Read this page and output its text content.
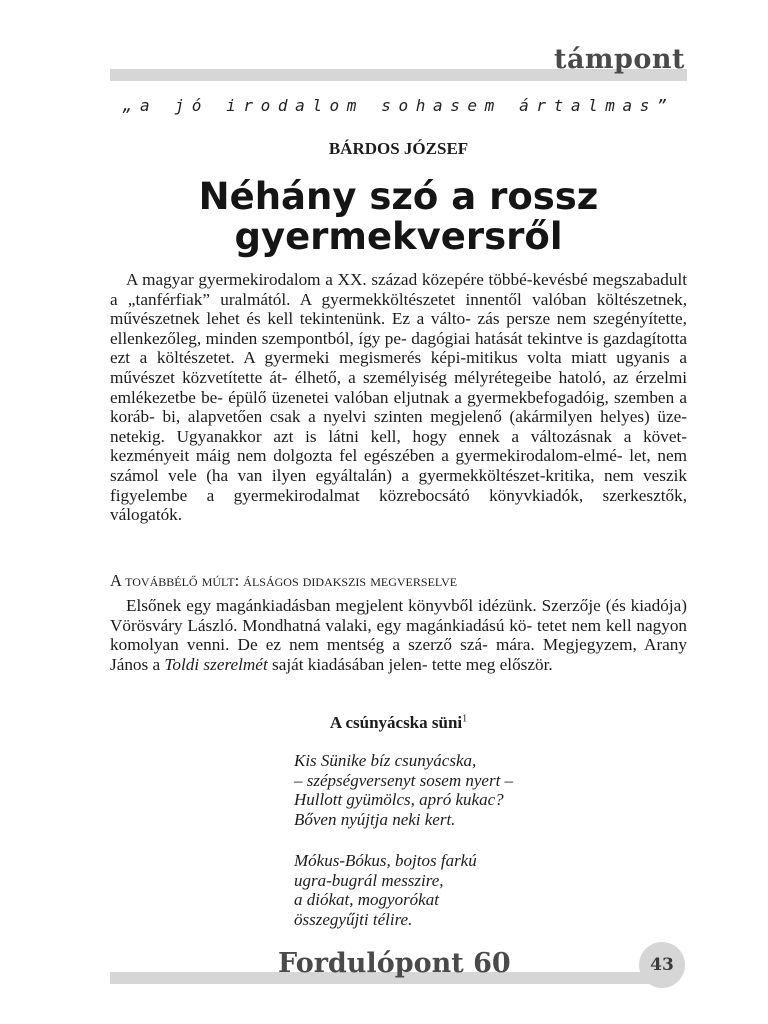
támpont
„a jó irodalom sohasem ártalmas”
BÁRDOS JÓZSEF
Néhány szó a rossz
gyermekversről

A magyar gyermekirodalom a XX. század közepére többé-kevésbé megszabadult a „tanférfiak” uralmától. A gyermekköltészetet innentől valóban költészetnek, művészetnek lehet és kell tekintenünk. Ez a válto- zás persze nem szegényítette, ellenkezőleg, minden szempontból, így pe- dagógiai hatását tekintve is gazdagította ezt a költészetet. A gyermeki megismerés képi-mitikus volta miatt ugyanis a művészet közvetítette át- élhető, a személyiség mélyrétegeibe hatoló, az érzelmi emlékezetbe be- épülő üzenetei valóban eljutnak a gyermekbefogadóig, szemben a koráb- bi, alapvetően csak a nyelvi szinten megjelenő (akármilyen helyes) üze- netekig. Ugyanakkor azt is látni kell, hogy ennek a változásnak a követ- kezményeit máig nem dolgozta fel egészében a gyermekirodalom-elmé- let, nem számol vele (ha van ilyen egyáltalán) a gyermekköltészet-kritika, nem veszik figyelembe a gyermekirodalmat közrebocsátó könyvkiadók, szerkesztők, válogatók.

A továbbélő múlt: álságos didakszis megverselve

Elsőnek egy magánkiadásban megjelent könyvből idézünk. Szerzője (és kiadója) Vörösváry László. Mondhatná valaki, egy magánkiadású kö- tetet nem kell nagyon komolyan venni. De ez nem mentség a szerző szá- mára. Megjegyzem, Arany János a Toldi szerelmét saját kiadásában jelen- tette meg először.

A csúnyácska süni$^1$
Kis Sünike bíz csunyácska,
– szépségversenyt sosem nyert –
Hullott gyümölcs, apró kukac?
Bőven nyújtja neki kert.
Mókus-Bókus, bojtos farkú
ugra-bugrál messzire,
a diókat, mogyorókat
összegyűjti télire.
Fordulópont 60	43
